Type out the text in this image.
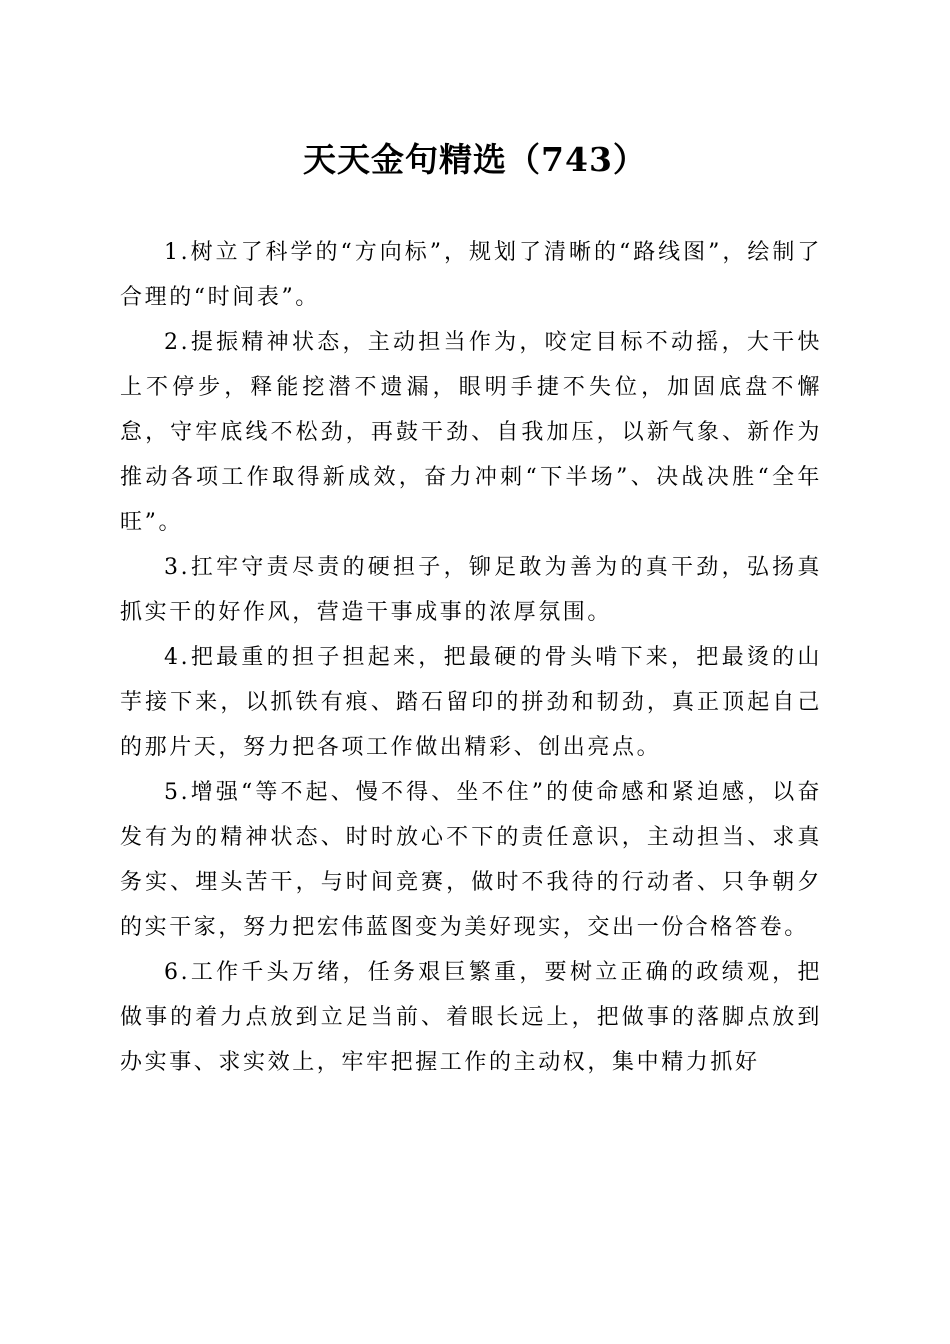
天天金句精选（743）

1.树立了科学的“方向标”，规划了清晰的“路线图”，绘制了合理的“时间表”。

2.提振精神状态，主动担当作为，咬定目标不动摇，大干快上不停步，释能挖潜不遗漏，眼明手捷不失位，加固底盘不懈怠，守牢底线不松劲，再鼓干劲、自我加压，以新气象、新作为推动各项工作取得新成效，奋力冲刺“下半场”、决战决胜“全年旺”。

3.扛牢守责尽责的硬担子，铆足敢为善为的真干劲，弘扬真抓实干的好作风，营造干事成事的浓厚氛围。

4.把最重的担子担起来，把最硬的骨头啃下来，把最烫的山芋接下来，以抓铁有痕、踏石留印的拼劲和韧劲，真正顶起自己的那片天，努力把各项工作做出精彩、创出亮点。

5.增强“等不起、慢不得、坐不住”的使命感和紧迫感，以奋发有为的精神状态、时时放心不下的责任意识，主动担当、求真务实、埋头苦干，与时间竞赛，做时不我待的行动者、只争朝夕的实干家，努力把宏伟蓝图变为美好现实，交出一份合格答卷。

6.工作千头万绪，任务艰巨繁重，要树立正确的政绩观，把做事的着力点放到立足当前、着眼长远上，把做事的落脚点放到办实事、求实效上，牢牢把握工作的主动权，集中精力抓好
